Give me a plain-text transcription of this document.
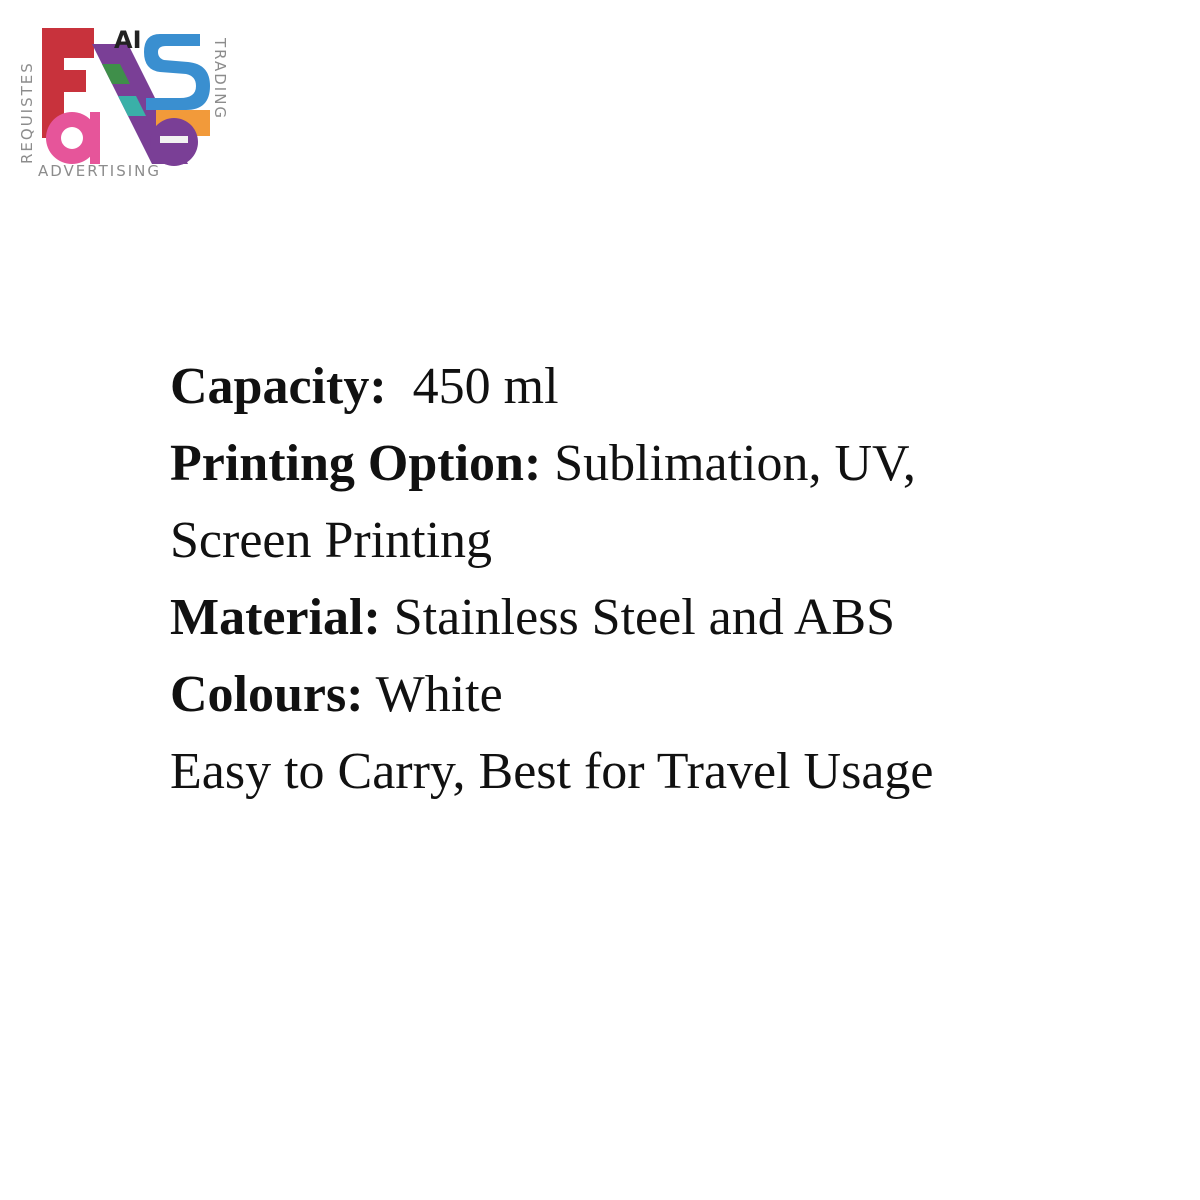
REQUISTES
AI	TRADING
ADVERTISING
Capacity: 450 ml
Printing Option: Sublimation, UV,
Screen Printing
Material: Stainless Steel and ABS
Colours: White
Easy to Carry, Best for Travel Usage
